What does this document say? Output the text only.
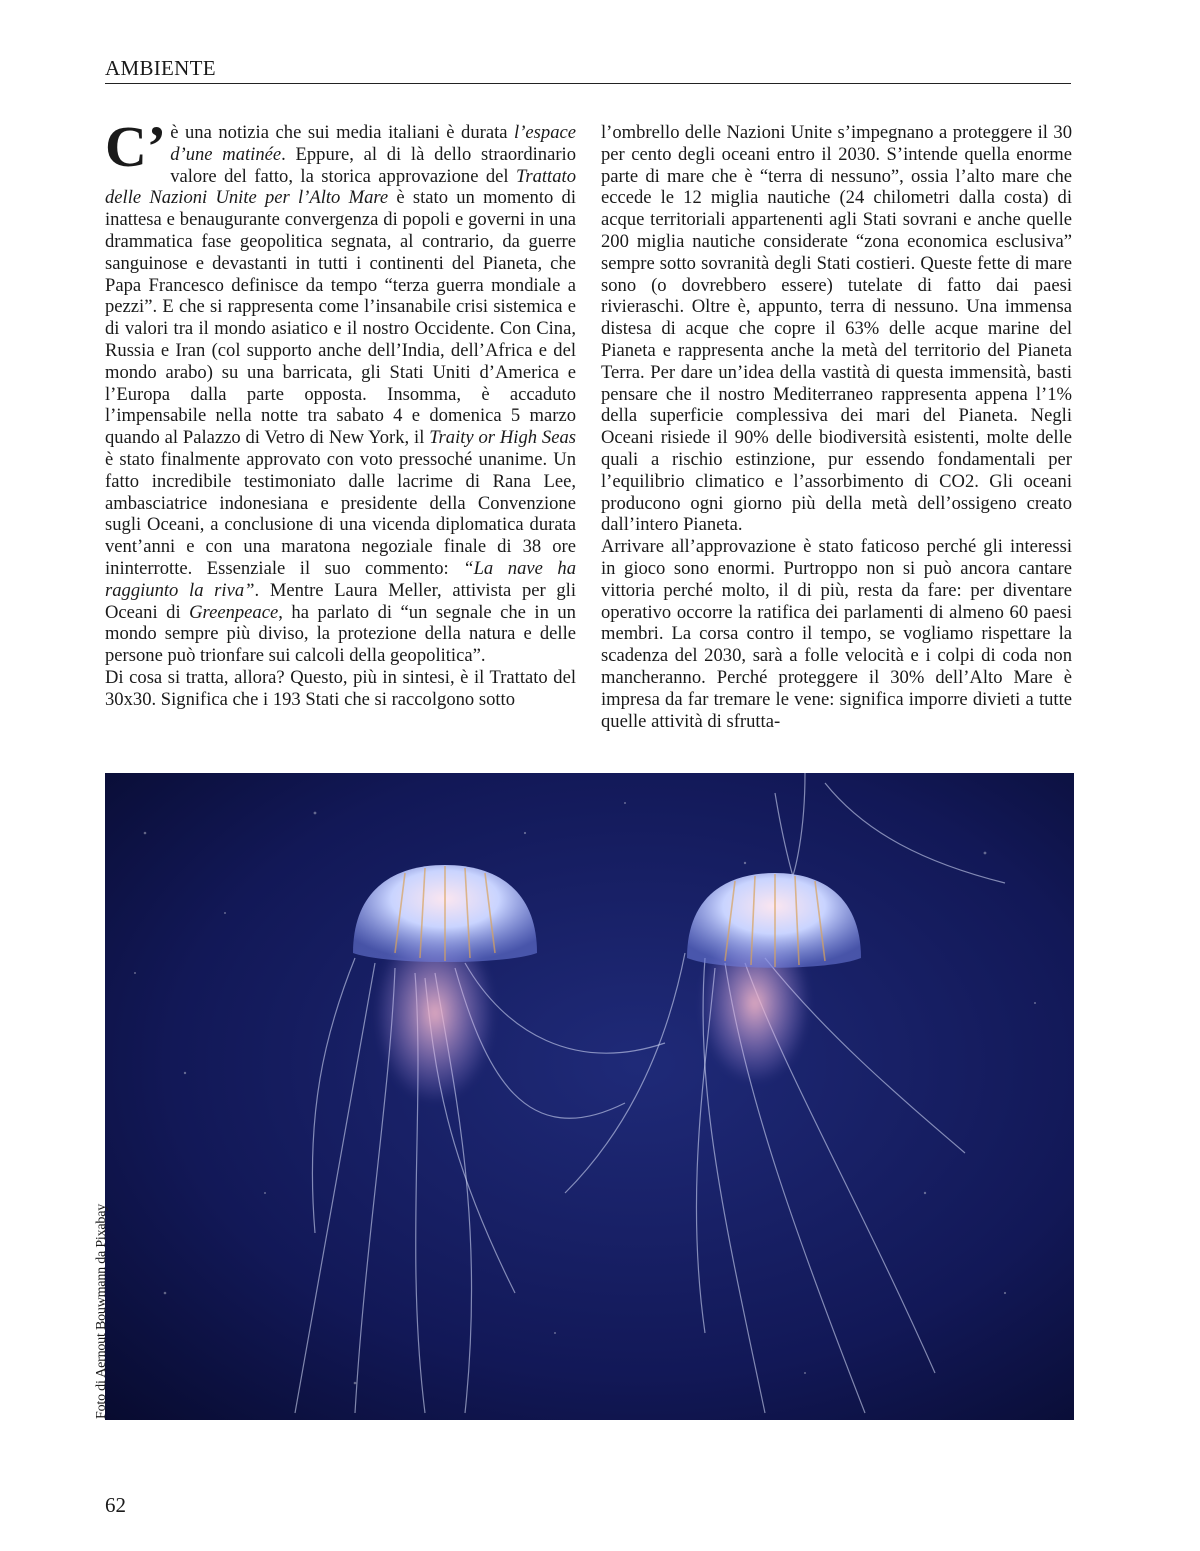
AMBIENTE
C’ è una notizia che sui media italiani è durata l’espace d’une matinée. Eppure, al di là dello straordinario valore del fatto, la storica approvazione del Trattato delle Nazioni Unite per l’Alto Mare è stato un momento di inattesa e benaugurante convergenza di popoli e governi in una drammatica fase geopolitica segnata, al contrario, da guerre sanguinose e devastanti in tutti i continenti del Pianeta, che Papa Francesco definisce da tempo “terza guerra mondiale a pezzi”. E che si rappresenta come l’insanabile crisi sistemica e di valori tra il mondo asiatico e il nostro Occidente. Con Cina, Russia e Iran (col supporto anche dell’India, dell’Africa e del mondo arabo) su una barricata, gli Stati Uniti d’America e l’Europa dalla parte opposta. Insomma, è accaduto l’impensabile nella notte tra sabato 4 e domenica 5 marzo quando al Palazzo di Vetro di New York, il Traity or High Seas è stato finalmente approvato con voto pressoché unanime. Un fatto incredibile testimoniato dalle lacrime di Rana Lee, ambasciatrice indonesiana e presidente della Convenzione sugli Oceani, a conclusione di una vicenda diplomatica durata vent’anni e con una maratona negoziale finale di 38 ore ininterrotte. Essenziale il suo commento: “La nave ha raggiunto la riva”. Mentre Laura Meller, attivista per gli Oceani di Greenpeace, ha parlato di “un segnale che in un mondo sempre più diviso, la protezione della natura e delle persone può trionfare sui calcoli della geopolitica”.

Di cosa si tratta, allora? Questo, più in sintesi, è il Trattato del 30x30. Significa che i 193 Stati che si raccolgono sotto

l’ombrello delle Nazioni Unite s’impegnano a proteggere il 30 per cento degli oceani entro il 2030. S’intende quella enorme parte di mare che è “terra di nessuno”, ossia l’alto mare che eccede le 12 miglia nautiche (24 chilometri dalla costa) di acque territoriali appartenenti agli Stati sovrani e anche quelle 200 miglia nautiche considerate “zona economica esclusiva” sempre sotto sovranità degli Stati costieri. Queste fette di mare sono (o dovrebbero essere) tutelate di fatto dai paesi rivieraschi. Oltre è, appunto, terra di nessuno. Una immensa distesa di acque che copre il 63% delle acque marine del Pianeta e rappresenta anche la metà del territorio del Pianeta Terra. Per dare un’idea della vastità di questa immensità, basti pensare che il nostro Mediterraneo rappresenta appena l’1% della superficie complessiva dei mari del Pianeta. Negli Oceani risiede il 90% delle biodiversità esistenti, molte delle quali a rischio estinzione, pur essendo fondamentali per l’equilibrio climatico e l’assorbimento di CO2. Gli oceani producono ogni giorno più della metà dell’ossigeno creato dall’intero Pianeta.

Arrivare all’approvazione è stato faticoso perché gli interessi in gioco sono enormi. Purtroppo non si può ancora cantare vittoria perché molto, il di più, resta da fare: per diventare operativo occorre la ratifica dei parlamenti di almeno 60 paesi membri. La corsa contro il tempo, se vogliamo rispettare la scadenza del 2030, sarà a folle velocità e i colpi di coda non mancheranno. Perché proteggere il 30% dell’Alto Mare è impresa da far tremare le vene: significa imporre divieti a tutte quelle attività di sfrutta-

Foto di Aernout Bouwmann da Pixabay
62
